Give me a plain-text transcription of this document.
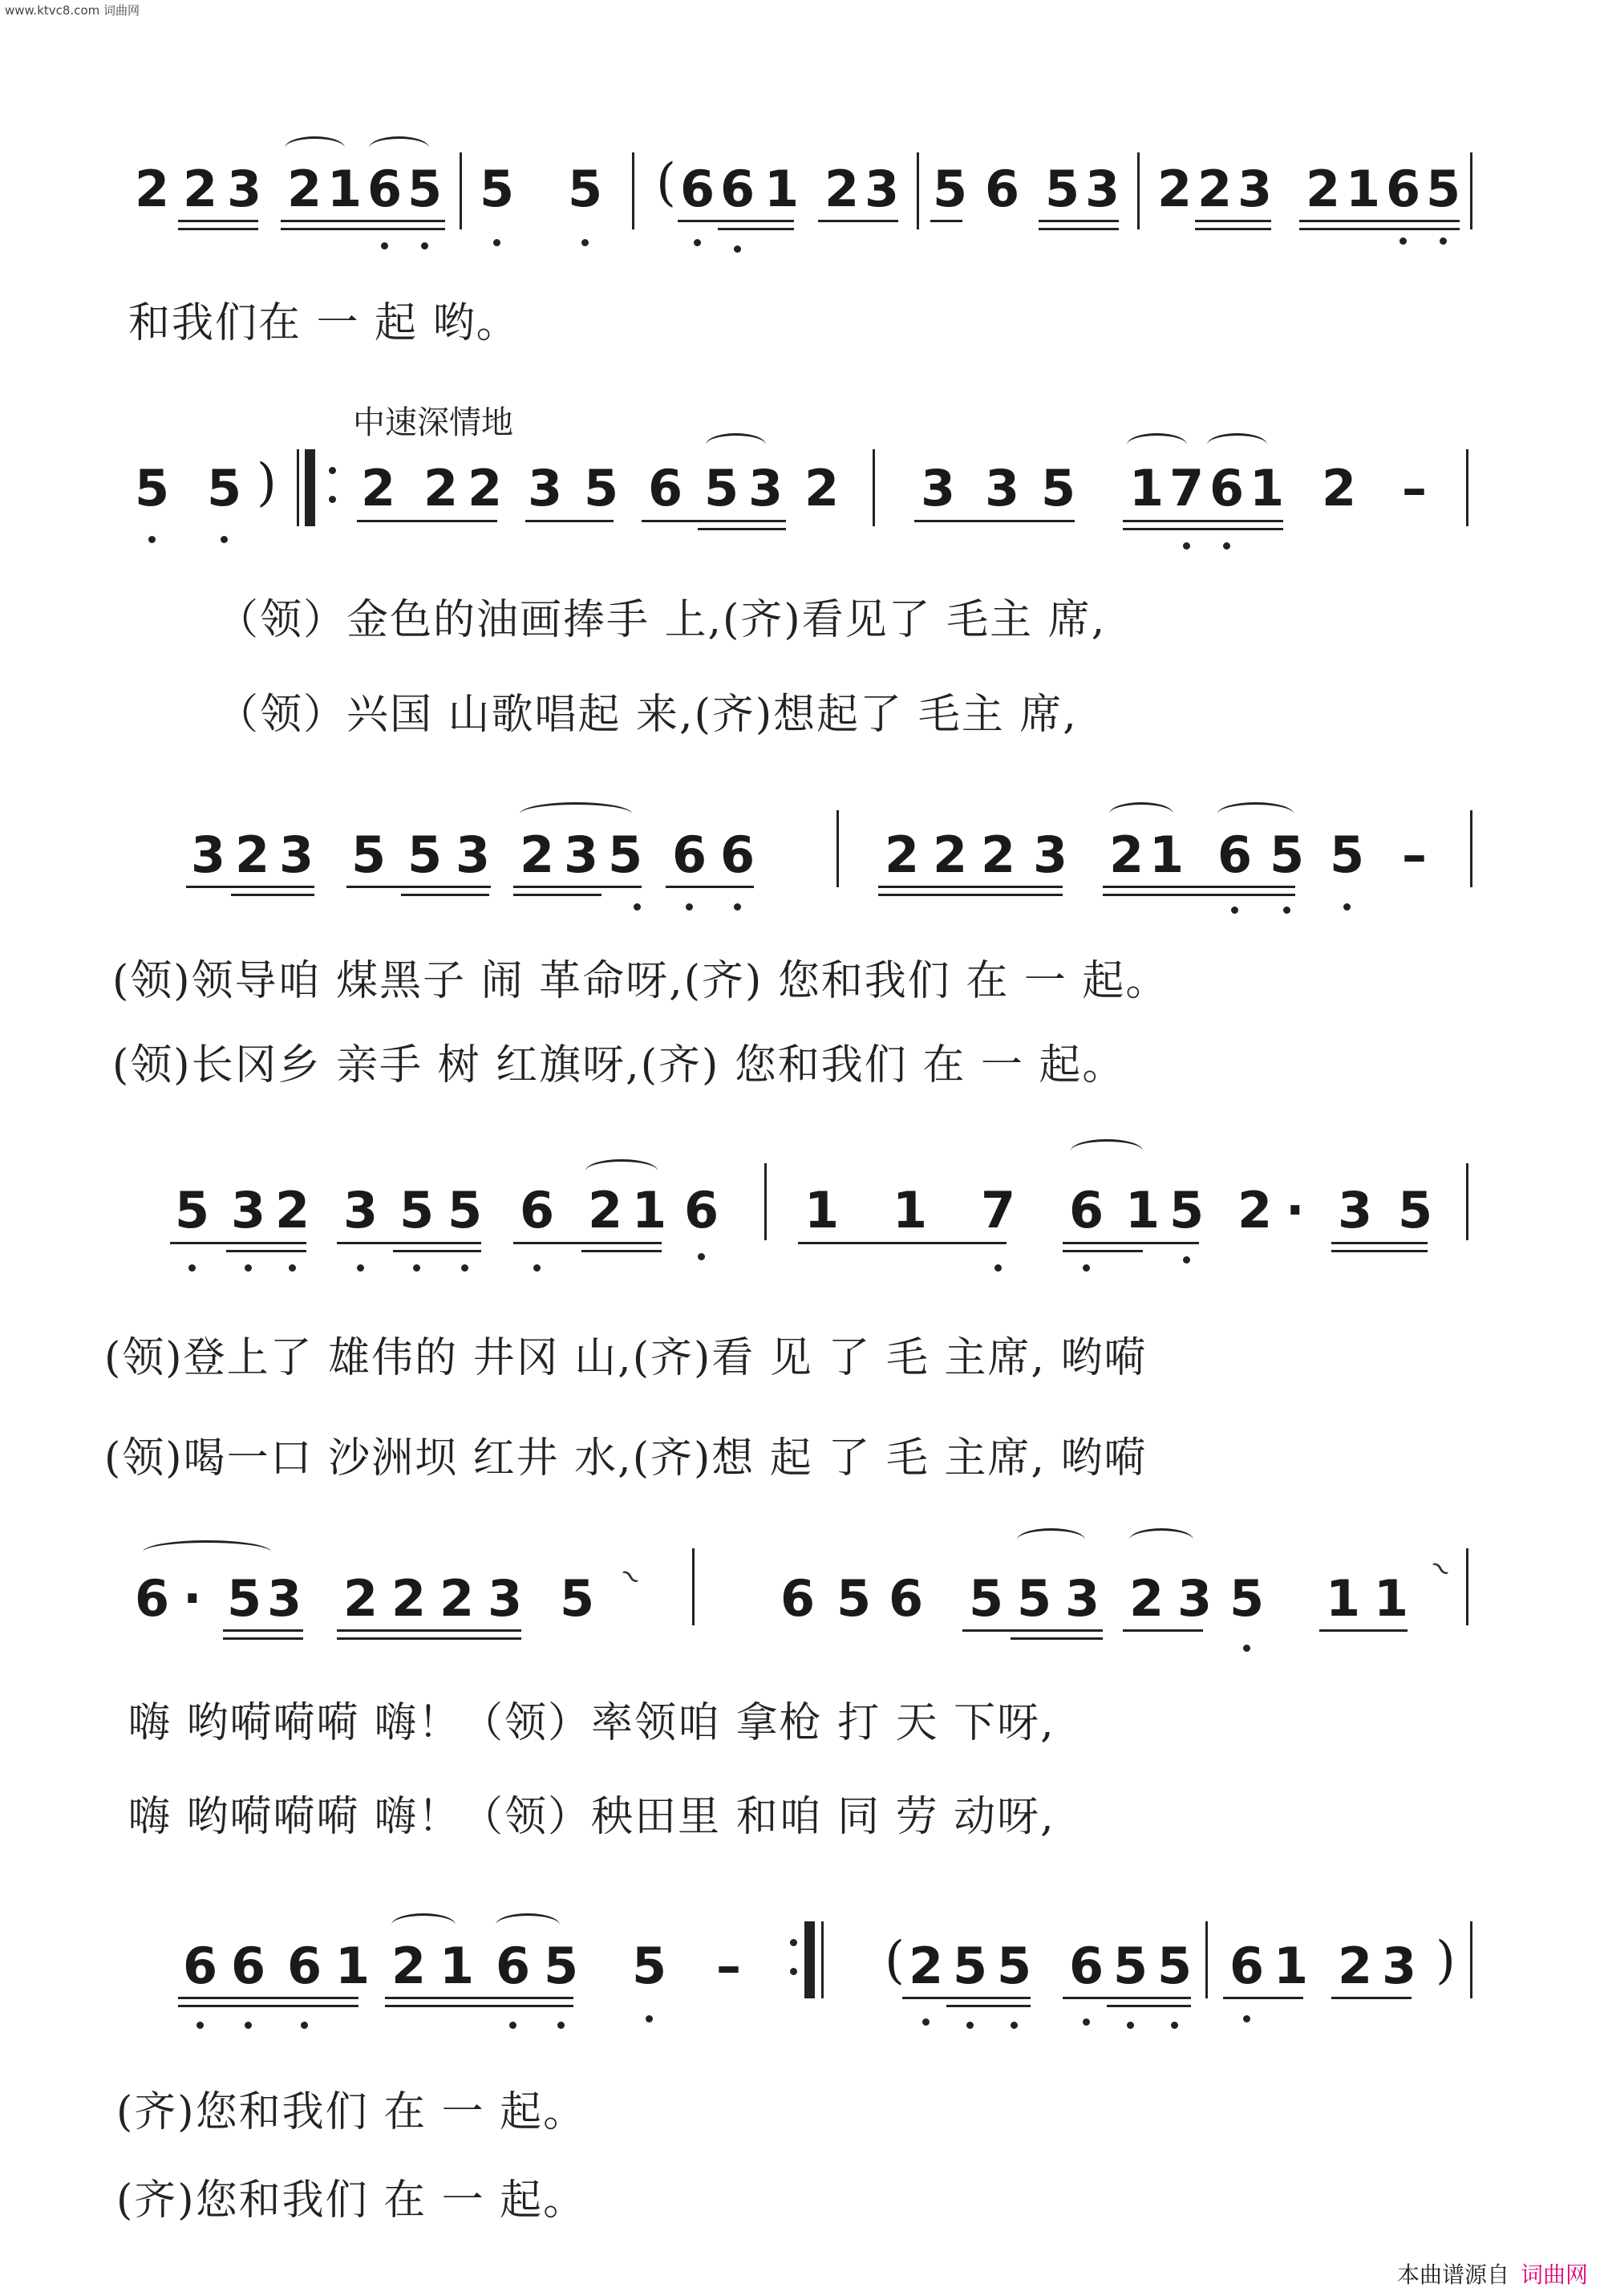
www.ktvc8.com 词曲网
2 2 3 2 1 6 5 5 5 ( 6 6 1 2 3 5 6 5 3 2 2 3 2 1 6 5
和我们在 一 起 哟。
中速深情地
5 5 ) 2 2 2 3 5 6 5 3 2 3 3 5 1 7 6 1 2 –
（领）金色的油画捧手 上,(齐)看见了 毛主 席,
（领）兴国 山歌唱起 来,(齐)想起了 毛主 席,
3 2 3 5 5 3 2 3 5 6 6	2 2 2 3 2 1 6 5 5 –
(领)领导咱 煤黑子 闹 革命呀,(齐) 您和我们 在 一 起。
(领)长冈乡 亲手 树 红旗呀,(齐) 您和我们 在 一 起。
5 3 2 3 5 5 6 2 1 6 1 1 7 6 1 5 2 · 3 5
(领)登上了 雄伟的 井冈 山,(齐)看 见 了 毛 主席, 哟嗬
(领)喝一口 沙洲坝 红井 水,(齐)想 起 了 毛 主席, 哟嗬
6 · 5 3 2 2 2 3 5 ~	6 5 6 5 5 3 2 3 5 1 1
~
嗨 哟嗬嗬嗬 嗨！（领）率领咱 拿枪 打 天 下呀,
嗨 哟嗬嗬嗬 嗨！（领）秧田里 和咱 同 劳 动呀,
6 6 6 1 2 1 6 5 5 –	( 2 5 5 6 5 5 6 1 2 3 )
(齐)您和我们 在 一 起。
(齐)您和我们 在 一 起。
本曲谱源自 词曲网
